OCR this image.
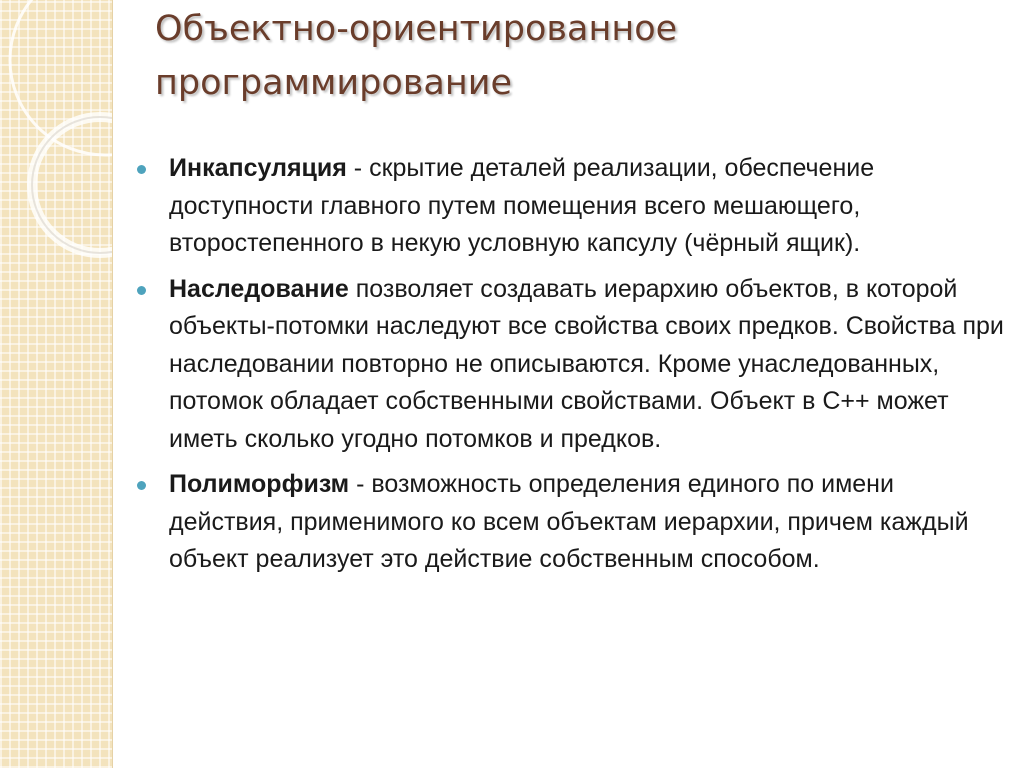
Объектно-ориентированное
программирование
Инкапсуляция - скрытие деталей реализации, обеспечение доступности главного путем помещения всего мешающего, второстепенного в некую условную капсулу (чёрный ящик).
Наследование позволяет создавать иерархию объектов, в которой объекты-потомки наследуют все свойства своих предков. Свойства при наследовании повторно не описываются. Кроме унаследованных, потомок обладает собственными свойствами. Объект в С++ может иметь сколько угодно потомков и предков.
Полиморфизм - возможность определения единого по имени действия, применимого ко всем объектам иерархии, причем каждый объект реализует это действие собственным способом.
